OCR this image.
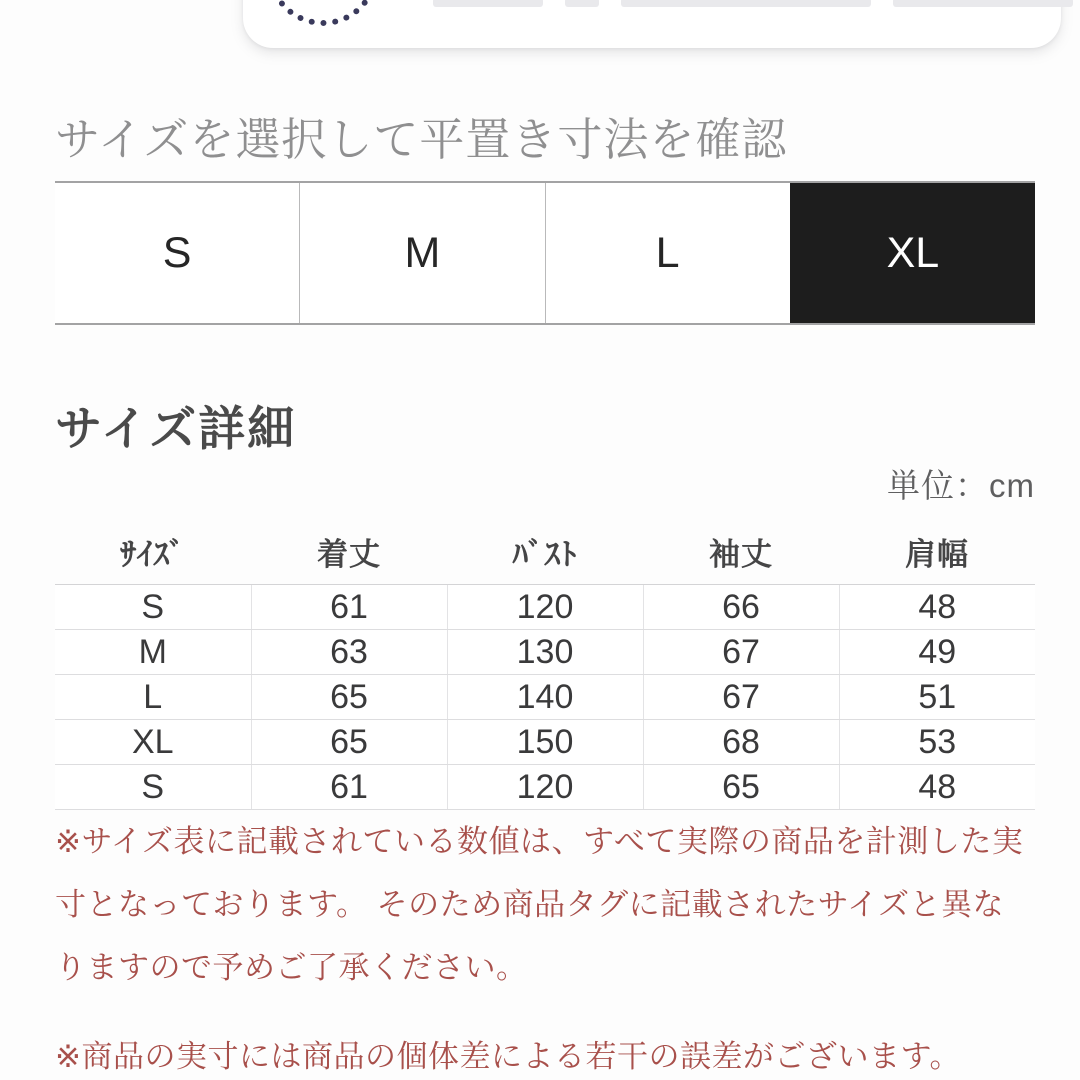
サイズを選択して平置き寸法を確認
S	M	L	XL
サイズ詳細
単位：cm
ｻｲｽﾞ	着丈	ﾊﾞｽﾄ	袖丈	肩幅
S	61	120	66	48
M	63	130	67	49
L	65	140	67	51
XL	65	150	68	53
S	61	120	65	48

※サイズ表に記載されている数値は、すべて実際の商品を計測した実寸となっております。 そのため商品タグに記載されたサイズと異なりますので予めご了承ください。

※商品の実寸には商品の個体差による若干の誤差がございます。
